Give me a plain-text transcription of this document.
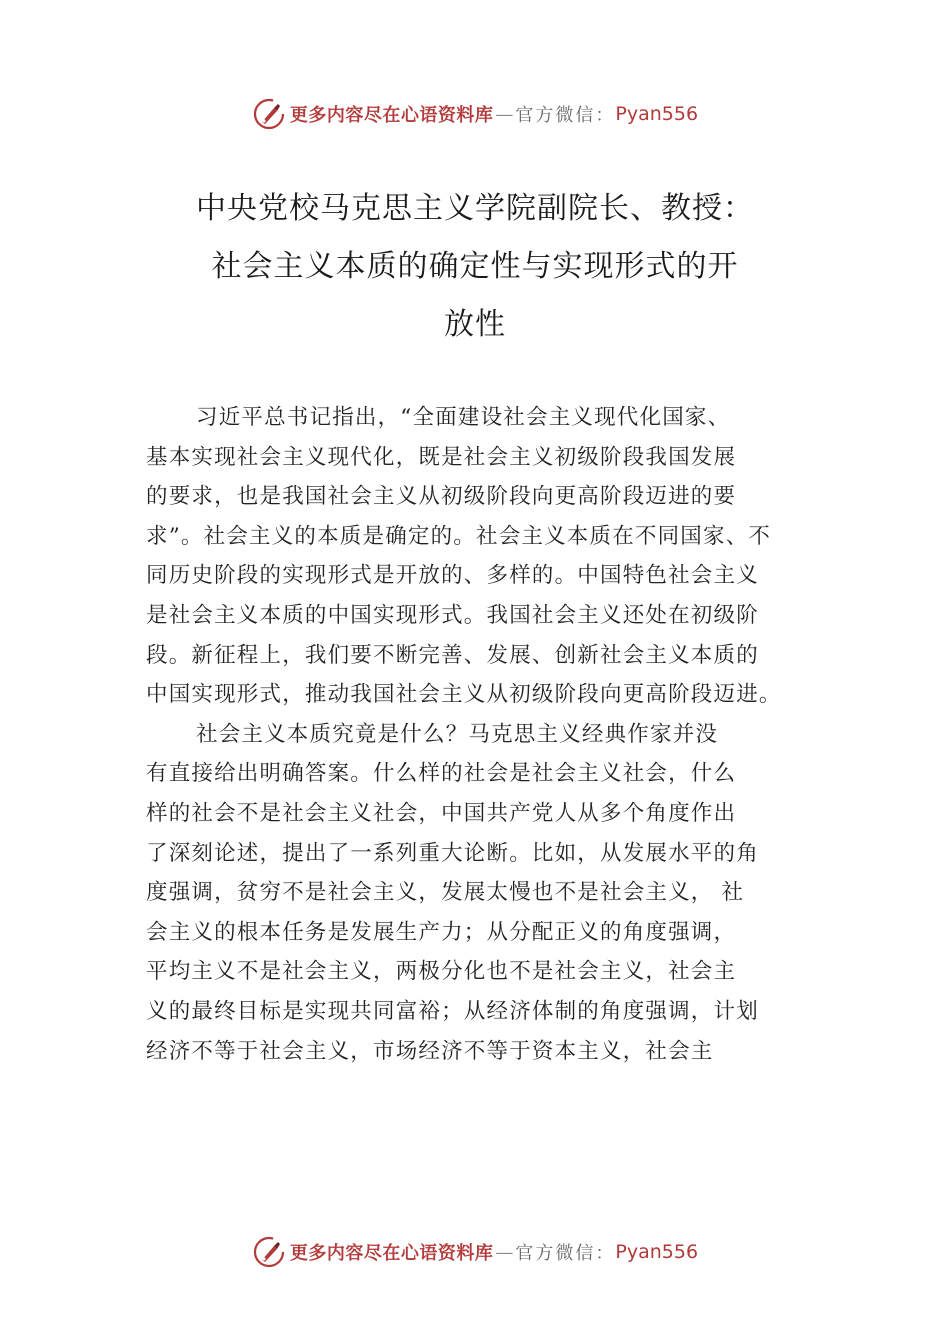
更多内容尽在心语资料库 — 官方微信： Pyan556
中央党校马克思主义学院副院长、教授：
社会主义本质的确定性与实现形式的开
放性
习近平总书记指出，“全面建设社会主义现代化国家、
基本实现社会主义现代化，既是社会主义初级阶段我国发展
的要求，也是我国社会主义从初级阶段向更高阶段迈进的要
求”。社会主义的本质是确定的。社会主义本质在不同国家、不
同历史阶段的实现形式是开放的、多样的。中国特色社会主义
是社会主义本质的中国实现形式。我国社会主义还处在初级阶
段。新征程上，我们要不断完善、发展、创新社会主义本质的
中国实现形式，推动我国社会主义从初级阶段向更高阶段迈进。
社会主义本质究竟是什么？马克思主义经典作家并没
有直接给出明确答案。什么样的社会是社会主义社会，什么
样的社会不是社会主义社会，中国共产党人从多个角度作出
了深刻论述，提出了一系列重大论断。比如，从发展水平的角
度强调，贫穷不是社会主义，发展太慢也不是社会主义， 社
会主义的根本任务是发展生产力；从分配正义的角度强调，
平均主义不是社会主义，两极分化也不是社会主义，社会主
义的最终目标是实现共同富裕；从经济体制的角度强调，计划
经济不等于社会主义，市场经济不等于资本主义，社会主
更多内容尽在心语资料库 — 官方微信： Pyan556
